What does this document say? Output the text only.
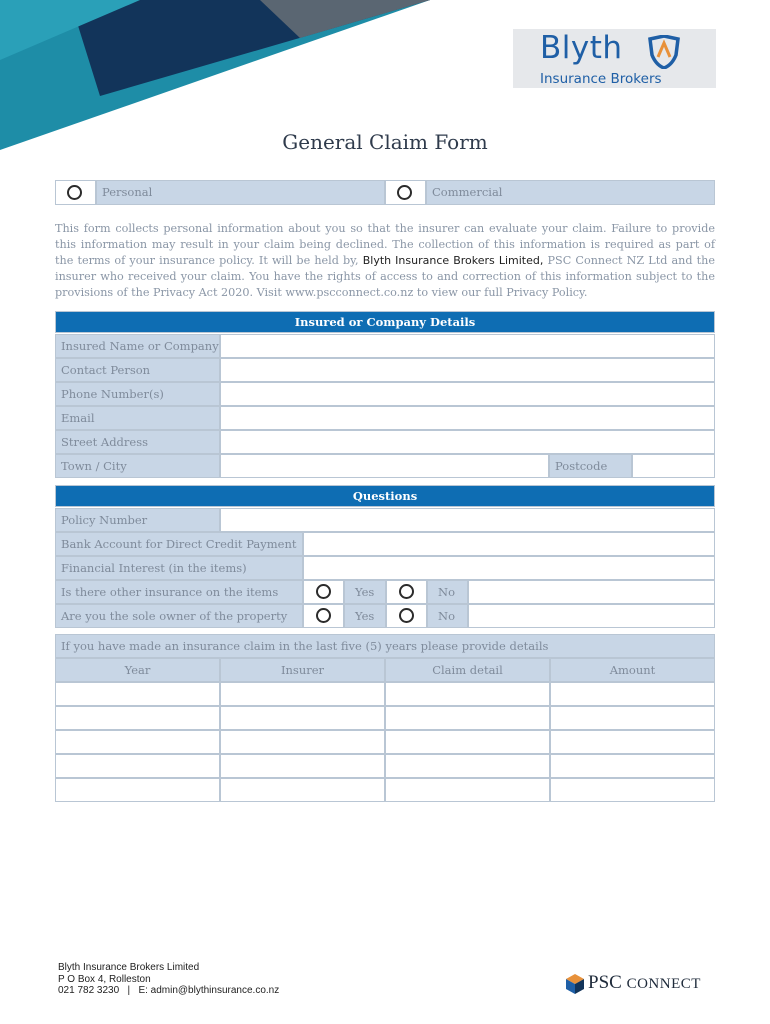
Blyth
Insurance Brokers
General Claim Form
Personal	Commercial
This form collects personal information about you so that the insurer can evaluate your claim. Failure to provide this information may result in your claim being declined. The collection of this information is required as part of the terms of your insurance policy. It will be held by, Blyth Insurance Brokers Limited, PSC Connect NZ Ltd and the insurer who received your claim. You have the rights of access to and correction of this information subject to the provisions of the Privacy Act 2020. Visit www.pscconnect.co.nz to view our full Privacy Policy.
Insured or Company Details
Insured Name or Company
Contact Person
Phone Number(s)
Email
Street Address
Town / City	Postcode
Questions
Policy Number
Bank Account for Direct Credit Payment
Financial Interest (in the items)
Is there other insurance on the items	Yes	No
Are you the sole owner of the property	Yes	No
If you have made an insurance claim in the last five (5) years please provide details
Year	Insurer	Claim detail	Amount
Blyth Insurance Brokers Limited
P O Box 4, Rolleston
021 782 3230   |   E: admin@blythinsurance.co.nz	PSC CONNECT
